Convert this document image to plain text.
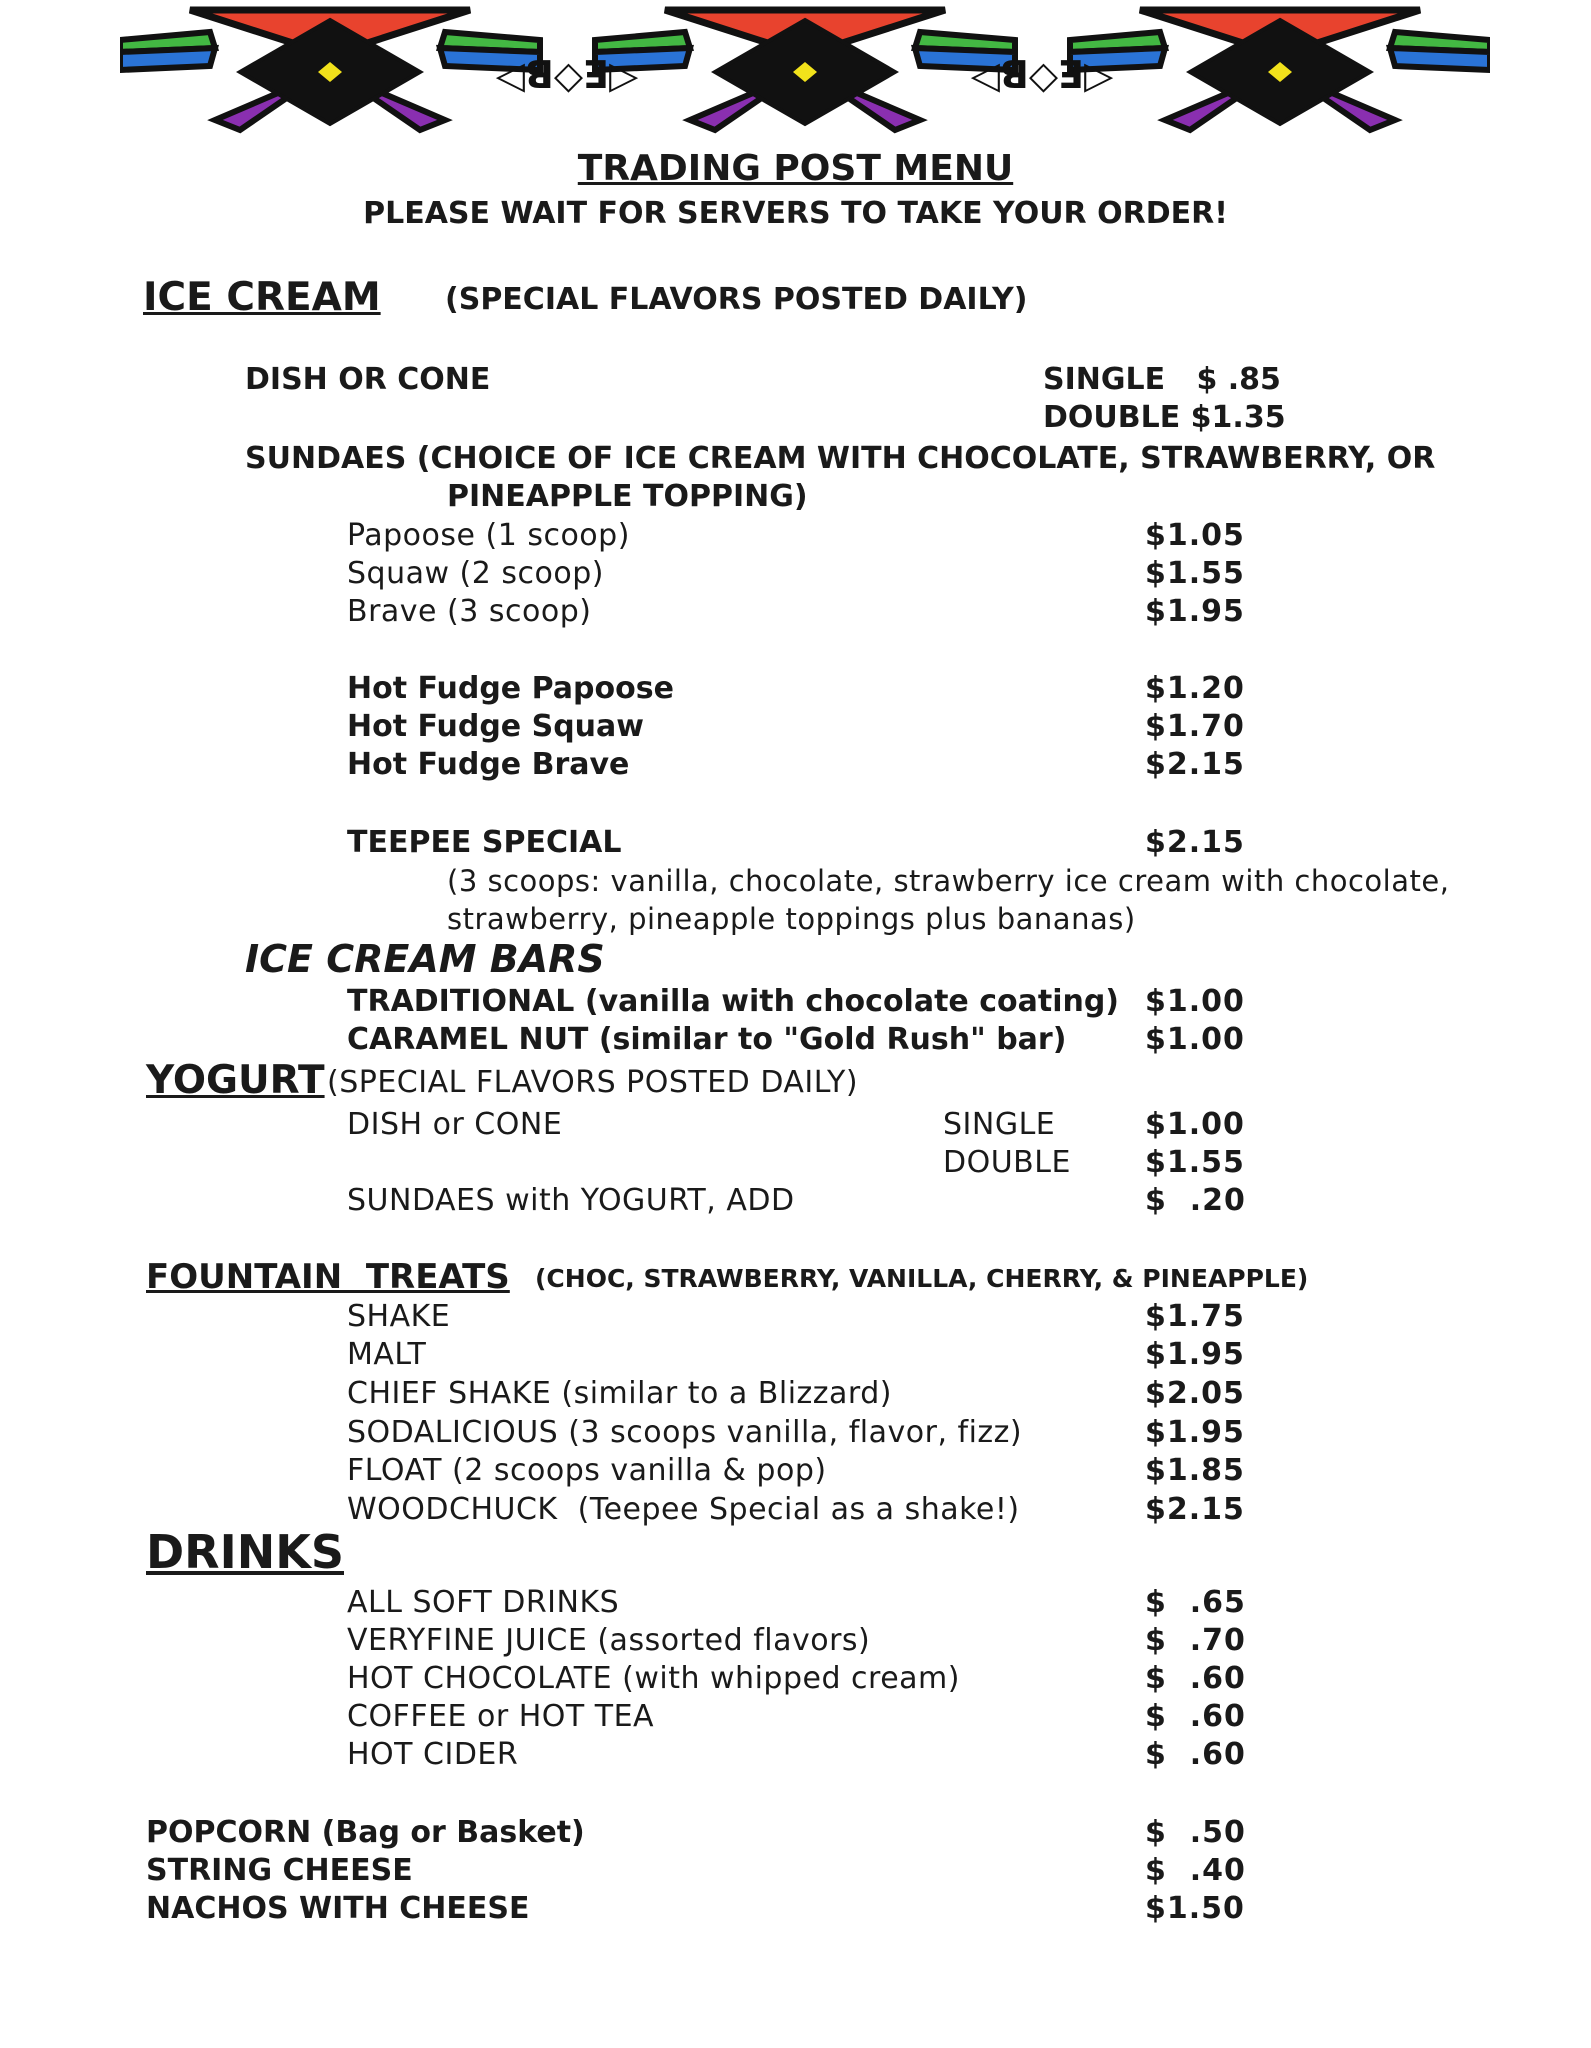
◁ꓭ◇ꓱ▷	◁ꓭ◇ꓱ▷
TRADING POST MENU
PLEASE WAIT FOR SERVERS TO TAKE YOUR ORDER!
ICE CREAM (SPECIAL FLAVORS POSTED DAILY)
DISH OR CONE	SINGLE   $ .85
DOUBLE $1.35
SUNDAES (CHOICE OF ICE CREAM WITH CHOCOLATE, STRAWBERRY, OR
PINEAPPLE TOPPING)
Papoose (1 scoop)	$1.05
Squaw (2 scoop)	$1.55
Brave (3 scoop)	$1.95
Hot Fudge Papoose	$1.20
Hot Fudge Squaw	$1.70
Hot Fudge Brave	$2.15
TEEPEE SPECIAL	$2.15
(3 scoops: vanilla, chocolate, strawberry ice cream with chocolate,
strawberry, pineapple toppings plus bananas)
ICE CREAM BARS
TRADITIONAL (vanilla with chocolate coating) $1.00
CARAMEL NUT (similar to "Gold Rush" bar)	$1.00
YOGURT (SPECIAL FLAVORS POSTED DAILY)
DISH or CONE	SINGLE	$1.00
DOUBLE $1.55
SUNDAES with YOGURT, ADD	$  .20
FOUNTAIN  TREATS (CHOC, STRAWBERRY, VANILLA, CHERRY, & PINEAPPLE)
SHAKE	$1.75
MALT	$1.95
CHIEF SHAKE (similar to a Blizzard)	$2.05
SODALICIOUS (3 scoops vanilla, flavor, fizz)	$1.95
FLOAT (2 scoops vanilla & pop)	$1.85
WOODCHUCK  (Teepee Special as a shake!)	$2.15
DRINKS
ALL SOFT DRINKS	$  .65
VERYFINE JUICE (assorted flavors)	$  .70
HOT CHOCOLATE (with whipped cream)	$  .60
COFFEE or HOT TEA	$  .60
HOT CIDER	$  .60
POPCORN (Bag or Basket)	$  .50
STRING CHEESE	$  .40
NACHOS WITH CHEESE	$1.50
